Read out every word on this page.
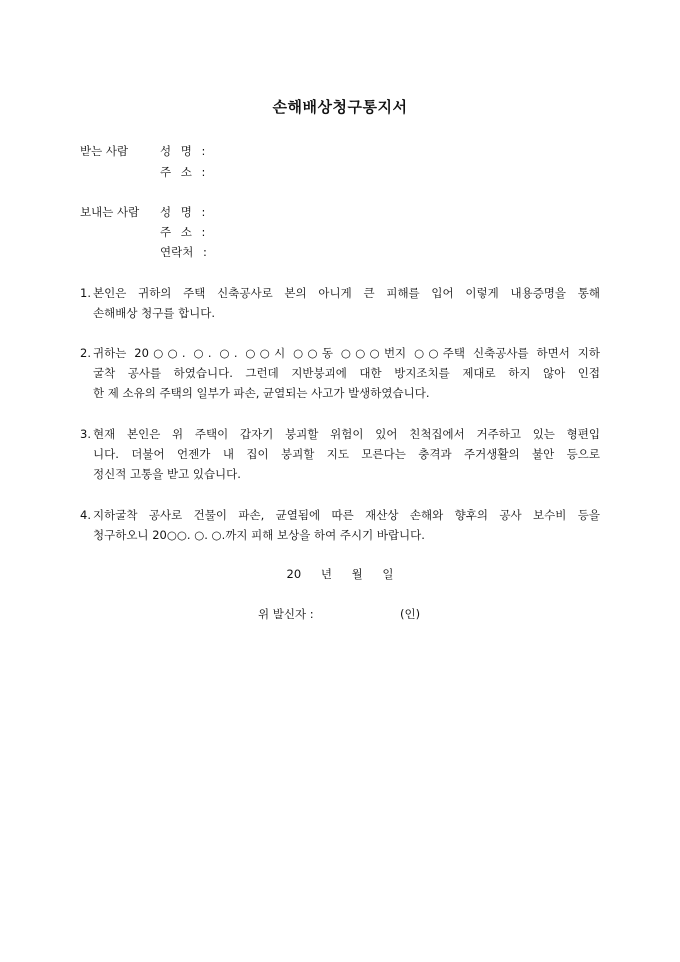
손해배상청구통지서
받는 사람	성 명 :
주 소 :
보내는 사람 성 명 :
주 소 :
연락처 :
1. 본인은 귀하의 주택 신축공사로 본의 아니게 큰 피해를 입어 이렇게 내용증명을 통해
손해배상 청구를 합니다.
2. 귀하는 20○○. ○. ○. ○○시 ○○동 ○○○번지 ○○주택 신축공사를 하면서 지하
굴착 공사를 하였습니다. 그런데 지반붕괴에 대한 방지조치를 제대로 하지 않아 인접
한 제 소유의 주택의 일부가 파손, 균열되는 사고가 발생하였습니다.
3. 현재 본인은 위 주택이 갑자기 붕괴할 위험이 있어 친척집에서 거주하고 있는 형편입
니다. 더불어 언젠가 내 집이 붕괴할 지도 모른다는 충격과 주거생활의 불안 등으로
정신적 고통을 받고 있습니다.
4. 지하굴착 공사로 건물이 파손, 균열됨에 따른 재산상 손해와 향후의 공사 보수비 등을
청구하오니 20○○. ○. ○.까지 피해 보상을 하여 주시기 바랍니다.
20 년 월 일
위 발신자 :	(인)
